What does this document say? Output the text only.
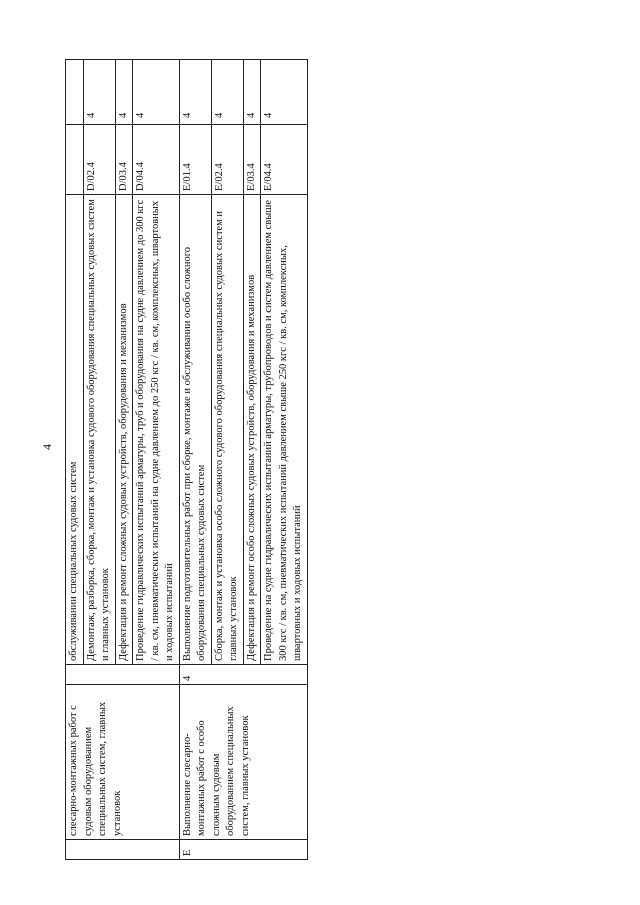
4
	слесарно-монтажных работ с судовым оборудованием специальных систем, главных установок		обслуживании специальных судовых систем		
			Демонтаж, разборка, сборка, монтаж и установка судового оборудования специальных судовых систем и главных установок	D/02.4	4
			Дефектация и ремонт сложных судовых устройств, оборудования и механизмов	D/03.4	4
			Проведение гидравлических испытаний арматуры, труб и оборудования на судне давлением до 300 кгс / кв. см, пневматических испытаний на судне давлением до 250 кгс / кв. см, комплексных, швартовных и ходовых испытаний	D/04.4	4
E	Выполнение слесарно-монтажных работ с особо сложным судовым оборудованием специальных систем, главных установок	4	Выполнение подготовительных работ при сборке, монтаже и обслуживании особо сложного оборудования специальных судовых систем	E/01.4	4
			Сборка, монтаж и установка особо сложного судового оборудования специальных судовых систем и главных установок	E/02.4	4
			Дефектация и ремонт особо сложных судовых устройств, оборудования и механизмов	E/03.4	4
			Проведение на судне гидравлических испытаний арматуры, трубопроводов и систем давлением свыше 300 кгс / кв. см, пневматических испытаний давлением свыше 250 кгс / кв. см, комплексных, швартовных и ходовых испытаний	E/04.4	4
